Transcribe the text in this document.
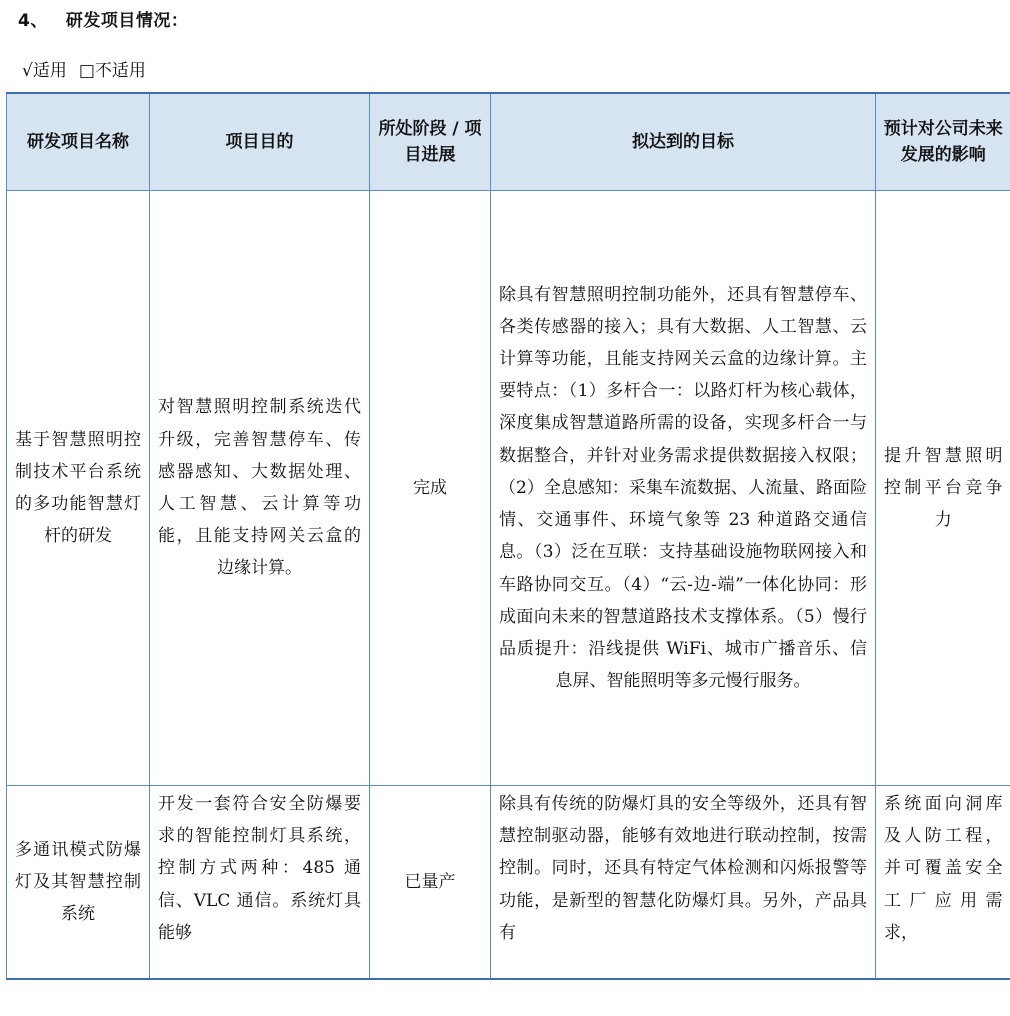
4、 研发项目情况：
√适用 □不适用
研发项目名称	项目目的	所处阶段 / 项目进展	拟达到的目标	预计对公司未来发展的影响
基于智慧照明控制技术平台系统的多功能智慧灯杆的研发	对智慧照明控制系统迭代升级，完善智慧停车、传感器感知、大数据处理、人工智慧、云计算等功能，且能支持网关云盒的边缘计算。	完成	除具有智慧照明控制功能外，还具有智慧停车、各类传感器的接入；具有大数据、人工智慧、云计算等功能，且能支持网关云盒的边缘计算。主要特点：（1）多杆合一：以路灯杆为核心载体，深度集成智慧道路所需的设备，实现多杆合一与数据整合，并针对业务需求提供数据接入权限；（2）全息感知：采集车流数据、人流量、路面险情、交通事件、环境气象等 23 种道路交通信息。（3）泛在互联：支持基础设施物联网接入和车路协同交互。（4）“云-边-端”一体化协同：形成面向未来的智慧道路技术支撑体系。（5）慢行品质提升：沿线提供 WiFi、城市广播音乐、信息屏、智能照明等多元慢行服务。	提升智慧照明控制平台竞争力
多通讯模式防爆灯及其智慧控制系统	开发一套符合安全防爆要求的智能控制灯具系统，控制方式两种：485 通信、VLC 通信。系统灯具能够	已量产	除具有传统的防爆灯具的安全等级外，还具有智慧控制驱动器，能够有效地进行联动控制，按需控制。同时，还具有特定气体检测和闪烁报警等功能，是新型的智慧化防爆灯具。另外，产品具有	系统面向洞库及人防工程，并可覆盖安全工厂应用需求，
